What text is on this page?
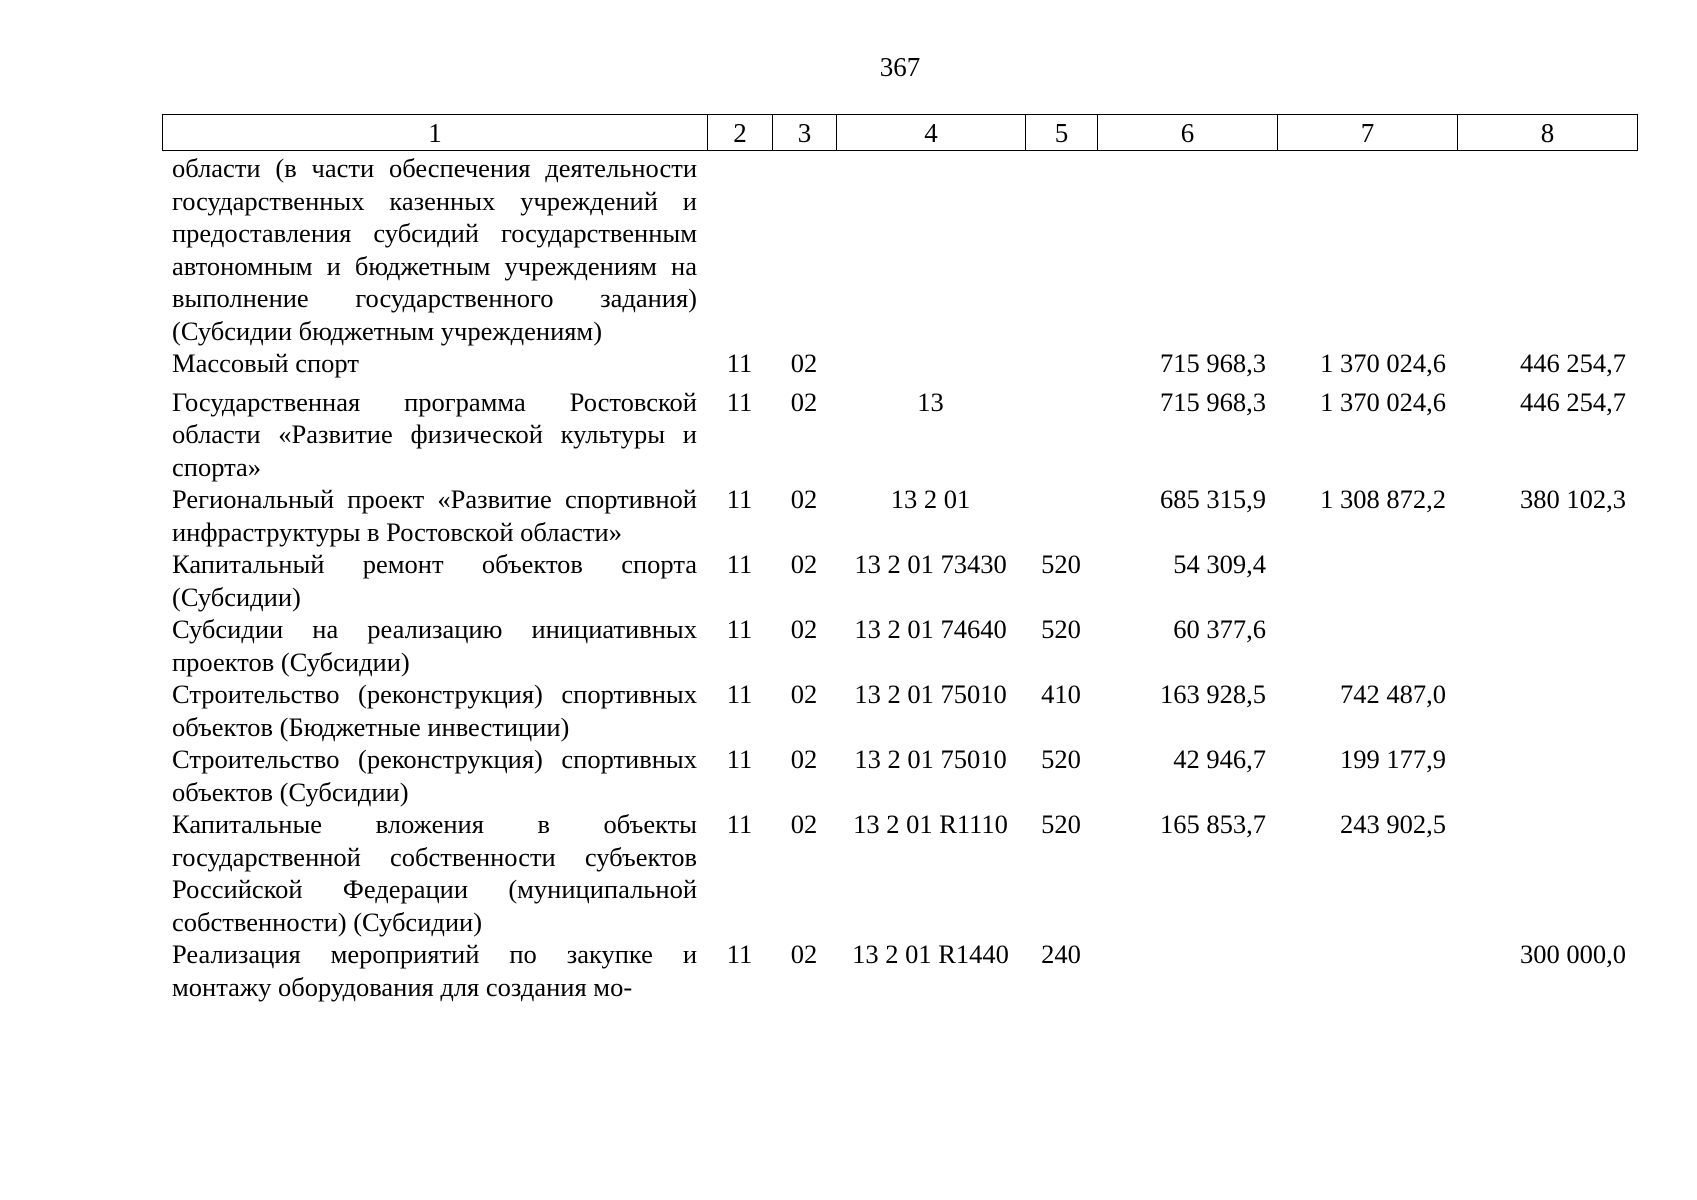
367
1	2	3	4	5	6	7	8
области (в части обеспечения деятельности государственных казенных учреждений и предоставления субсидий государственным автономным и бюджетным учреждениям на выполнение государственного задания) (Субсидии бюджетным учреждениям)							
Массовый спорт	11	02			715 968,3	1 370 024,6	446 254,7
Государственная программа Ростовской области «Развитие физической культуры и спорта»	11	02	13		715 968,3	1 370 024,6	446 254,7
Региональный проект «Развитие спортивной инфраструктуры в Ростовской области»	11	02	13 2 01		685 315,9	1 308 872,2	380 102,3
Капитальный ремонт объектов спорта (Субсидии)	11	02	13 2 01 73430	520	54 309,4		
Субсидии на реализацию инициативных проектов (Субсидии)	11	02	13 2 01 74640	520	60 377,6		
Строительство (реконструкция) спортивных объектов (Бюджетные инвестиции)	11	02	13 2 01 75010	410	163 928,5	742 487,0	
Строительство (реконструкция) спортивных объектов (Субсидии)	11	02	13 2 01 75010	520	42 946,7	199 177,9	
Капитальные вложения в объекты государственной собственности субъектов Российской Федерации (муниципальной собственности) (Субсидии)	11	02	13 2 01 R1110	520	165 853,7	243 902,5	
Реализация мероприятий по закупке и монтажу оборудования для создания мо-	11	02	13 2 01 R1440	240			300 000,0
